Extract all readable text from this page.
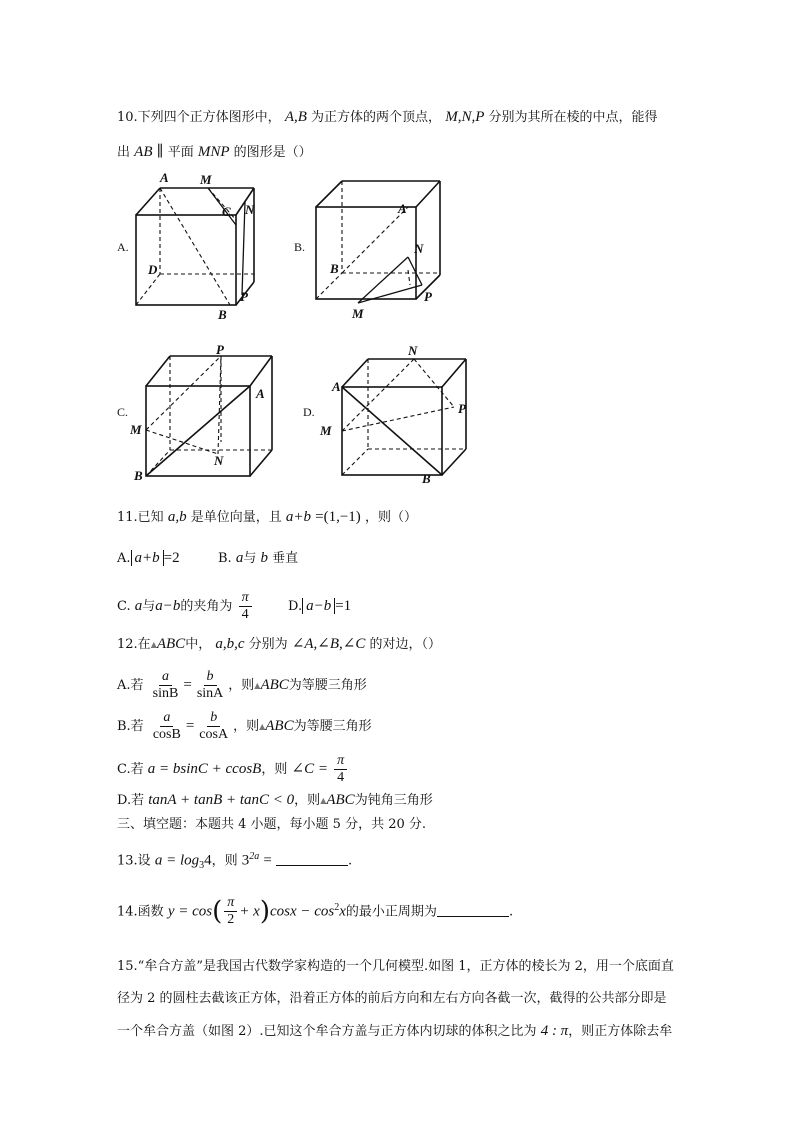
10.下列四个正方体图形中， A,B 为正方体的两个顶点， M,N,P 分别为其所在棱的中点，能得
出 AB ∥ 平面 MNP 的图形是（）
A.	B.
C.	D.
A M
C N
D
P
B
A
N
B
P
M
P
A
M
N
B
N
A
P
M
B
11.已知 a,b 是单位向量，且 a+b =(1,−1) ，则（）
A. a+b =2	B. a与 b 垂直
C. a与a−b的夹角为 $\frac{\pi}{4}$	D. a−b =1
12.在▲ABC中， a,b,c 分别为 ∠A,∠B,∠C 的对边，（）
A.若 $\frac{a}{\sin B} = \frac{b}{\sin A}$ ，则▲ABC为等腰三角形
B.若 $\frac{a}{\cos B} = \frac{b}{\cos A}$ ，则▲ABC为等腰三角形
C.若 a = bsinC + ccosB，则 ∠C = $\frac{\pi}{4}$
D.若 tanA + tanB + tanC < 0，则▲ABC为钝角三角形
三、填空题：本题共 4 小题，每小题 5 分，共 20 分.
13.设 $a = \log_34$，则 $3^{2a}$ =	.
14.函数 $y = \cos( \frac{\pi}{2} + x)\cos x - \cos^2x$的最小正周期为	.
15.“牟合方盖”是我国古代数学家构造的一个几何模型.如图 1，正方体的棱长为 2，用一个底面直
径为 2 的圆柱去截该正方体，沿着正方体的前后方向和左右方向各截一次，截得的公共部分即是
一个牟合方盖（如图 2）.已知这个牟合方盖与正方体内切球的体积之比为 4 : π，则正方体除去牟
